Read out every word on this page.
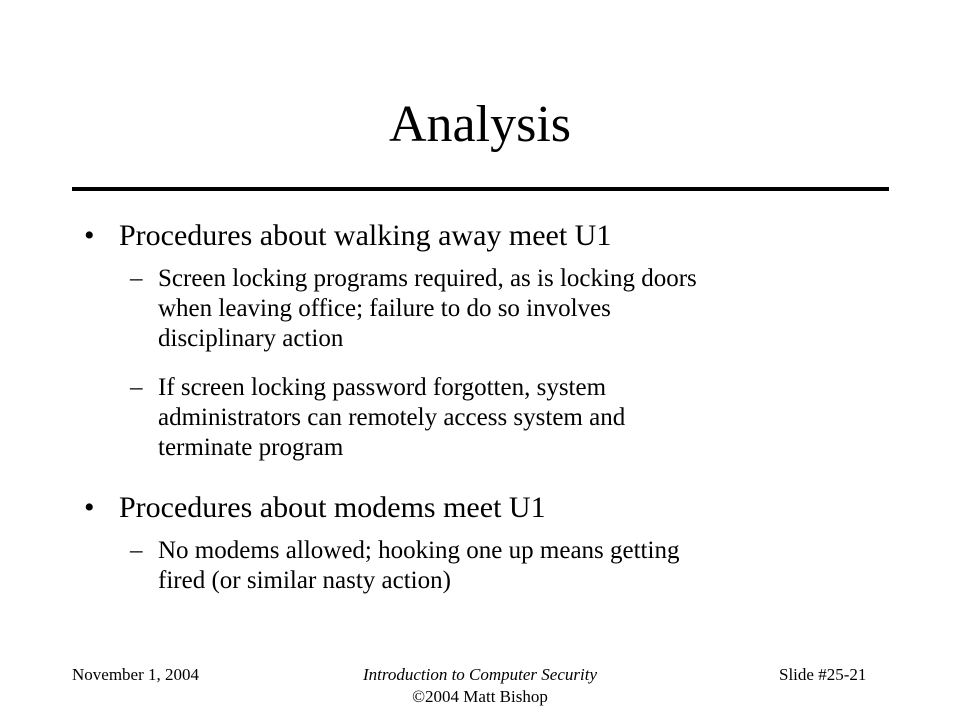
Analysis
• Procedures about walking away meet U1
– Screen locking programs required, as is locking doors
when leaving office; failure to do so involves
disciplinary action
– If screen locking password forgotten, system
administrators can remotely access system and
terminate program
• Procedures about modems meet U1
– No modems allowed; hooking one up means getting
fired (or similar nasty action)
November 1, 2004	Introduction to Computer Security
©2004 Matt Bishop
Slide #25-21
